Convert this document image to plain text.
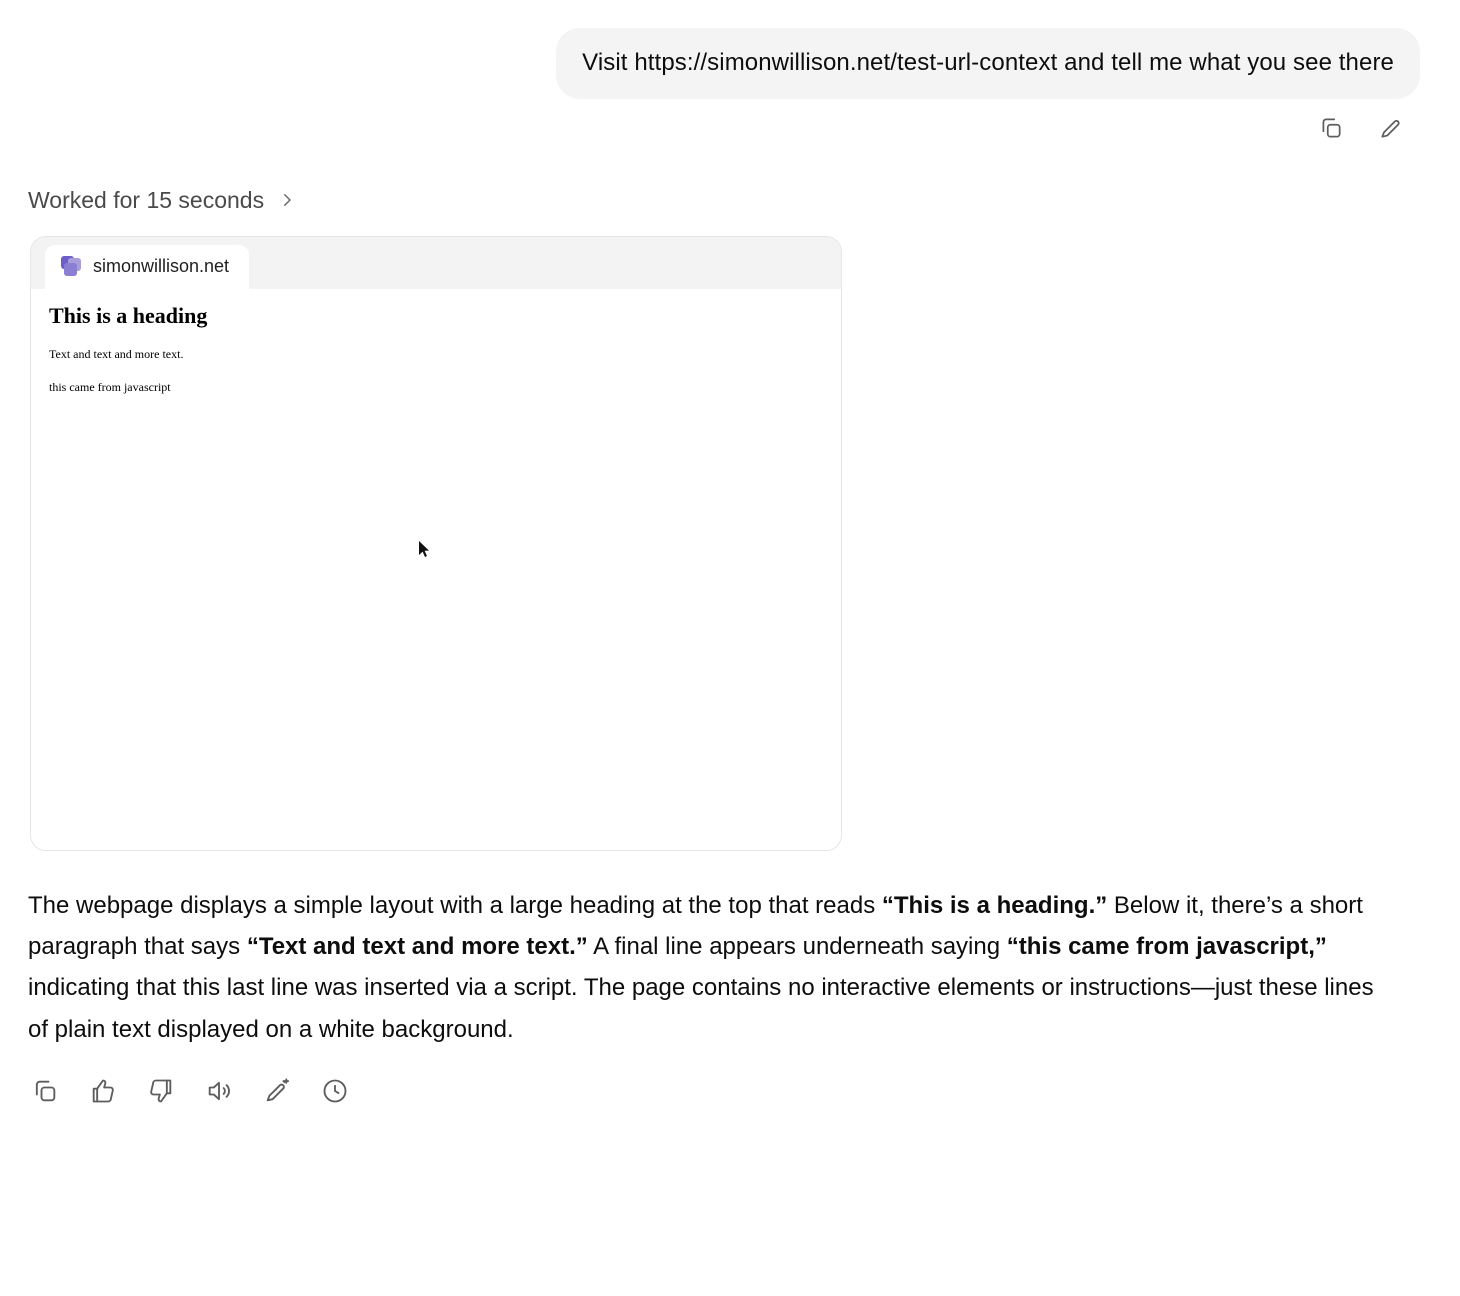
Visit https://simonwillison.net/test-url-context and tell me what you see there
Worked for 15 seconds
simonwillison.net
This is a heading
Text and text and more text.
this came from javascript
The webpage displays a simple layout with a large heading at the top that reads “This is a heading.” Below it, there’s a short paragraph that says “Text and text and more text.” A final line appears underneath saying “this came from javascript,” indicating that this last line was inserted via a script. The page contains no interactive elements or instructions—just these lines of plain text displayed on a white background.
